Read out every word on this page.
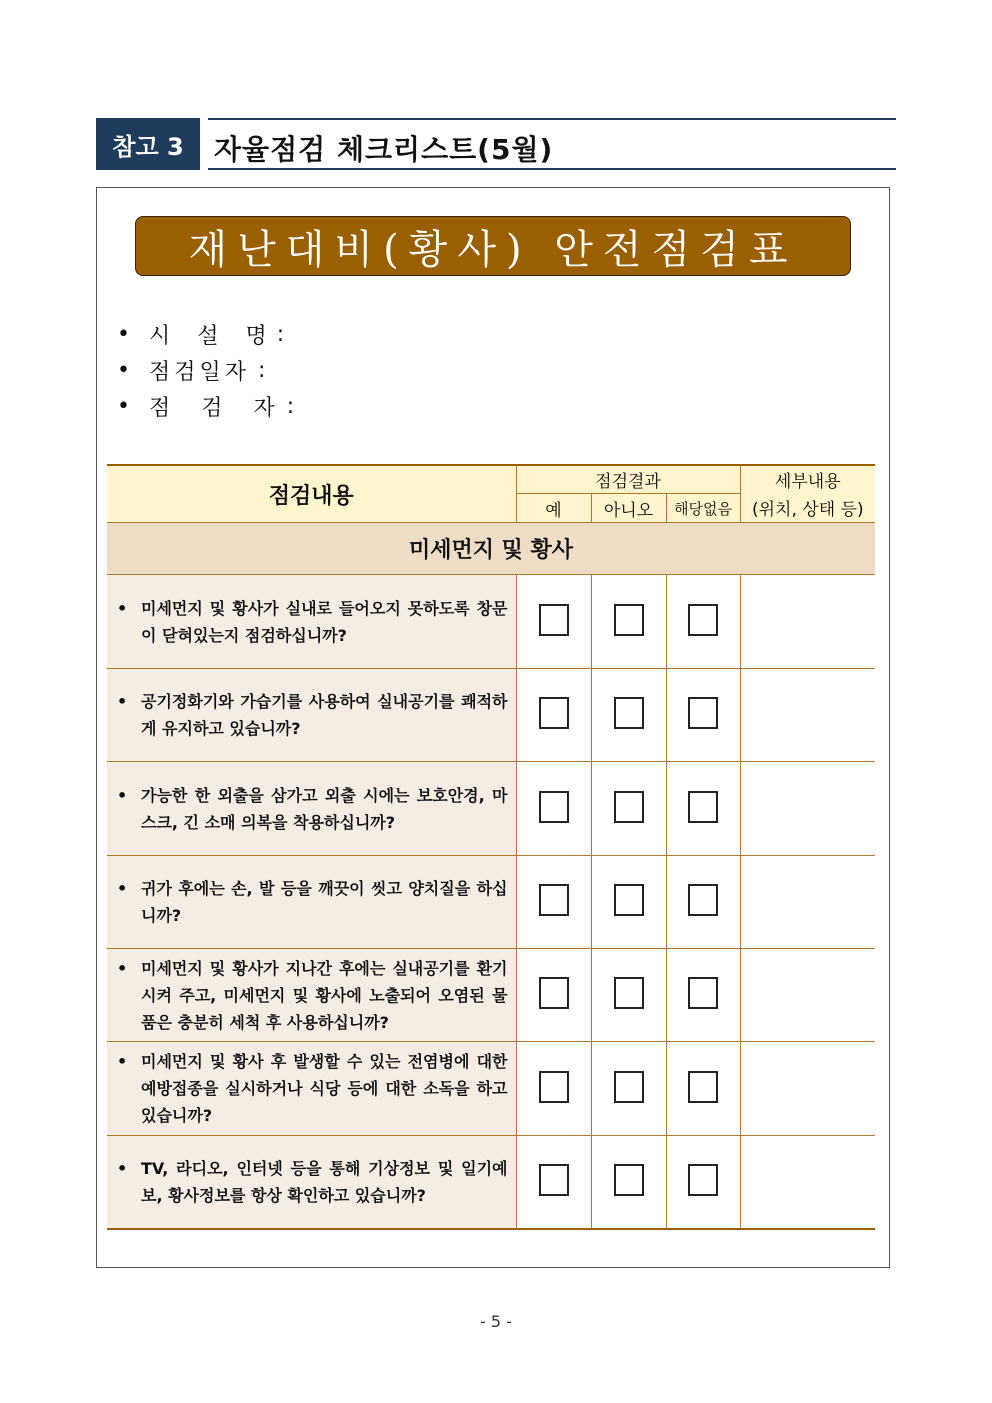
참고 3	자율점검 체크리스트(5월)
재난대비(황사) 안전점검표
• 시 설 명 :
• 점검일자 :
• 점 검 자 :
점검내용	점검결과			세부내용
	예	아니오	해당없음	(위치, 상태 등)
미세먼지 및 황사				

• 미세먼지 및 황사가 실내로 들어오지 못하도록 창문이 닫혀있는지 점검하십니까?				

• 공기정화기와 가습기를 사용하여 실내공기를 쾌적하게 유지하고 있습니까?				

• 가능한 한 외출을 삼가고 외출 시에는 보호안경, 마스크, 긴 소매 의복을 착용하십니까?				

• 귀가 후에는 손, 발 등을 깨끗이 씻고 양치질을 하십니까?				

• 미세먼지 및 황사가 지나간 후에는 실내공기를 환기시켜 주고, 미세먼지 및 황사에 노출되어 오염된 물품은 충분히 세척 후 사용하십니까?				

• 미세먼지 및 황사 후 발생할 수 있는 전염병에 대한 예방접종을 실시하거나 식당 등에 대한 소독을 하고 있습니까?				

• TV, 라디오, 인터넷 등을 통해 기상정보 및 일기예보, 황사정보를 항상 확인하고 있습니까?				

- 5 -
